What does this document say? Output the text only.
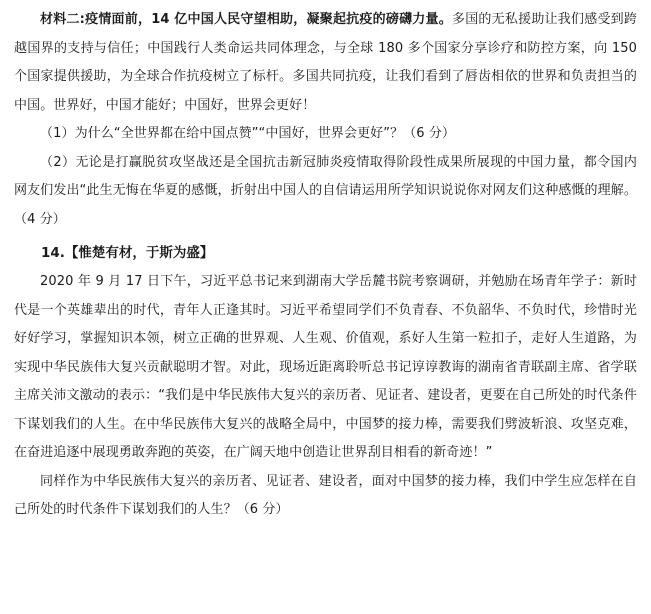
材料二:疫情面前，14 亿中国人民守望相助，凝聚起抗疫的磅礴力量。多国的无私援助让我们感受到跨越国界的支持与信任；中国践行人类命运共同体理念，与全球 180 多个国家分享诊疗和防控方案，向 150 个国家提供援助，为全球合作抗疫树立了标杆。多国共同抗疫，让我们看到了唇齿相依的世界和负责担当的中国。世界好，中国才能好；中国好，世界会更好！

（1）为什么“全世界都在给中国点赞”“中国好，世界会更好”？（6 分）

（2）无论是打赢脱贫攻坚战还是全国抗击新冠肺炎疫情取得阶段性成果所展现的中国力量，都令国内网友们发出“此生无悔在华夏的感慨，折射出中国人的自信请运用所学知识说说你对网友们这种感慨的理解。（4 分）

14.【惟楚有材，于斯为盛】

2020 年 9 月 17 日下午，习近平总书记来到湖南大学岳麓书院考察调研，并勉励在场青年学子：新时代是一个英雄辈出的时代，青年人正逢其时。习近平希望同学们不负青春、不负韶华、不负时代，珍惜时光好好学习，掌握知识本领，树立正确的世界观、人生观、价值观，系好人生第一粒扣子，走好人生道路，为实现中华民族伟大复兴贡献聪明才智。对此，现场近距离聆听总书记谆谆教诲的湖南省青联副主席、省学联主席关沛文激动的表示：“我们是中华民族伟大复兴的亲历者、见证者、建设者，更要在自己所处的时代条件下谋划我们的人生。在中华民族伟大复兴的战略全局中，中国梦的接力棒，需要我们劈波斩浪、攻坚克难，在奋进追逐中展现勇敢奔跑的英姿，在广阔天地中创造让世界刮目相看的新奇迹！”

同样作为中华民族伟大复兴的亲历者、见证者、建设者，面对中国梦的接力棒，我们中学生应怎样在自己所处的时代条件下谋划我们的人生？（6 分）
